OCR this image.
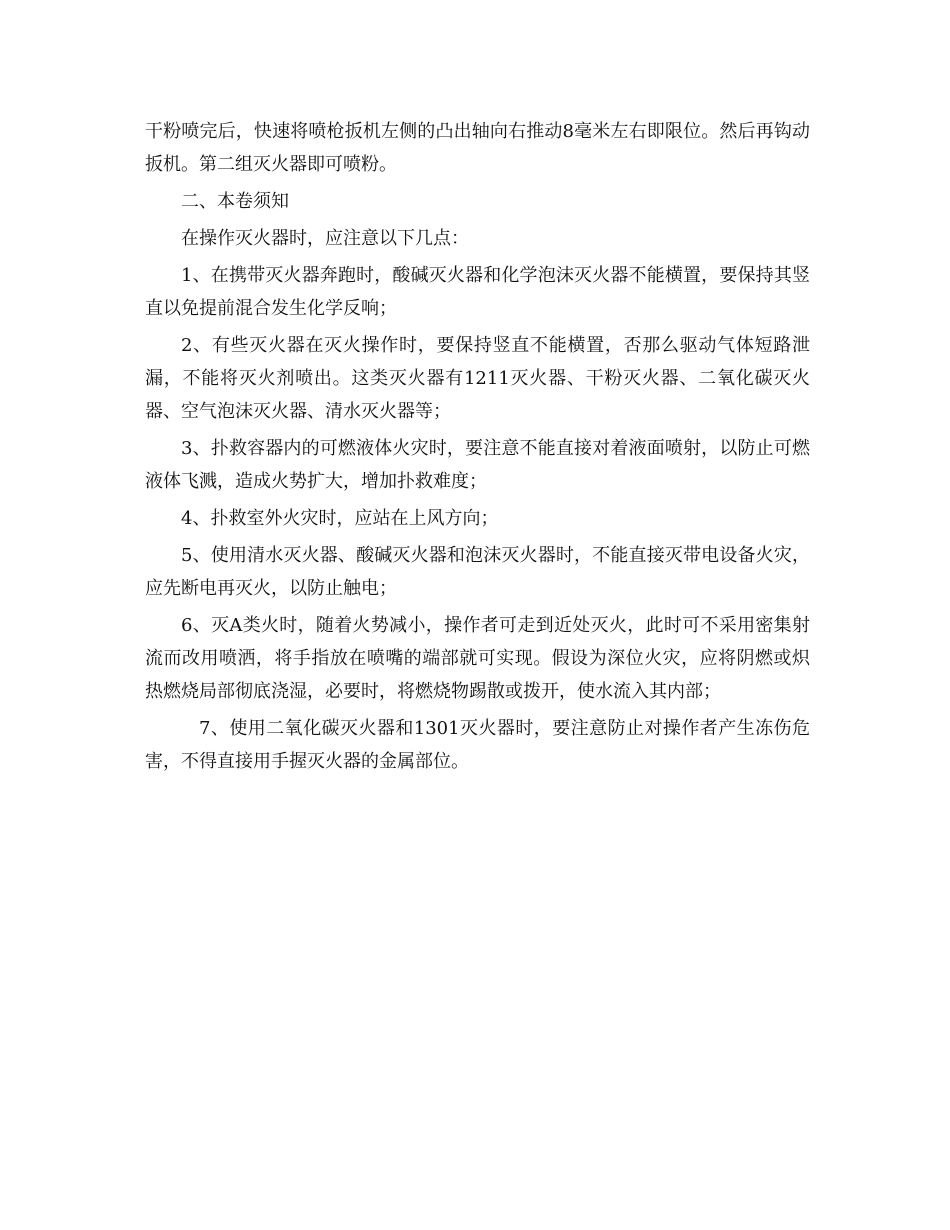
干粉喷完后，快速将喷枪扳机左侧的凸出轴向右推动8毫米左右即限位。然后再钩动扳机。第二组灭火器即可喷粉。

二、本卷须知

在操作灭火器时，应注意以下几点：

1、在携带灭火器奔跑时，酸碱灭火器和化学泡沫灭火器不能横置，要保持其竖直以免提前混合发生化学反响；

2、有些灭火器在灭火操作时，要保持竖直不能横置，否那么驱动气体短路泄漏，不能将灭火剂喷出。这类灭火器有1211灭火器、干粉灭火器、二氧化碳灭火器、空气泡沫灭火器、清水灭火器等；

3、扑救容器内的可燃液体火灾时，要注意不能直接对着液面喷射，以防止可燃液体飞溅，造成火势扩大，增加扑救难度；

4、扑救室外火灾时，应站在上风方向；

5、使用清水灭火器、酸碱灭火器和泡沫灭火器时，不能直接灭带电设备火灾，应先断电再灭火，以防止触电；

6、灭A类火时，随着火势减小，操作者可走到近处灭火，此时可不采用密集射流而改用喷洒，将手指放在喷嘴的端部就可实现。假设为深位火灾，应将阴燃或炽热燃烧局部彻底浇湿，必要时，将燃烧物踢散或拨开，使水流入其内部；

7、使用二氧化碳灭火器和1301灭火器时，要注意防止对操作者产生冻伤危害，不得直接用手握灭火器的金属部位。
